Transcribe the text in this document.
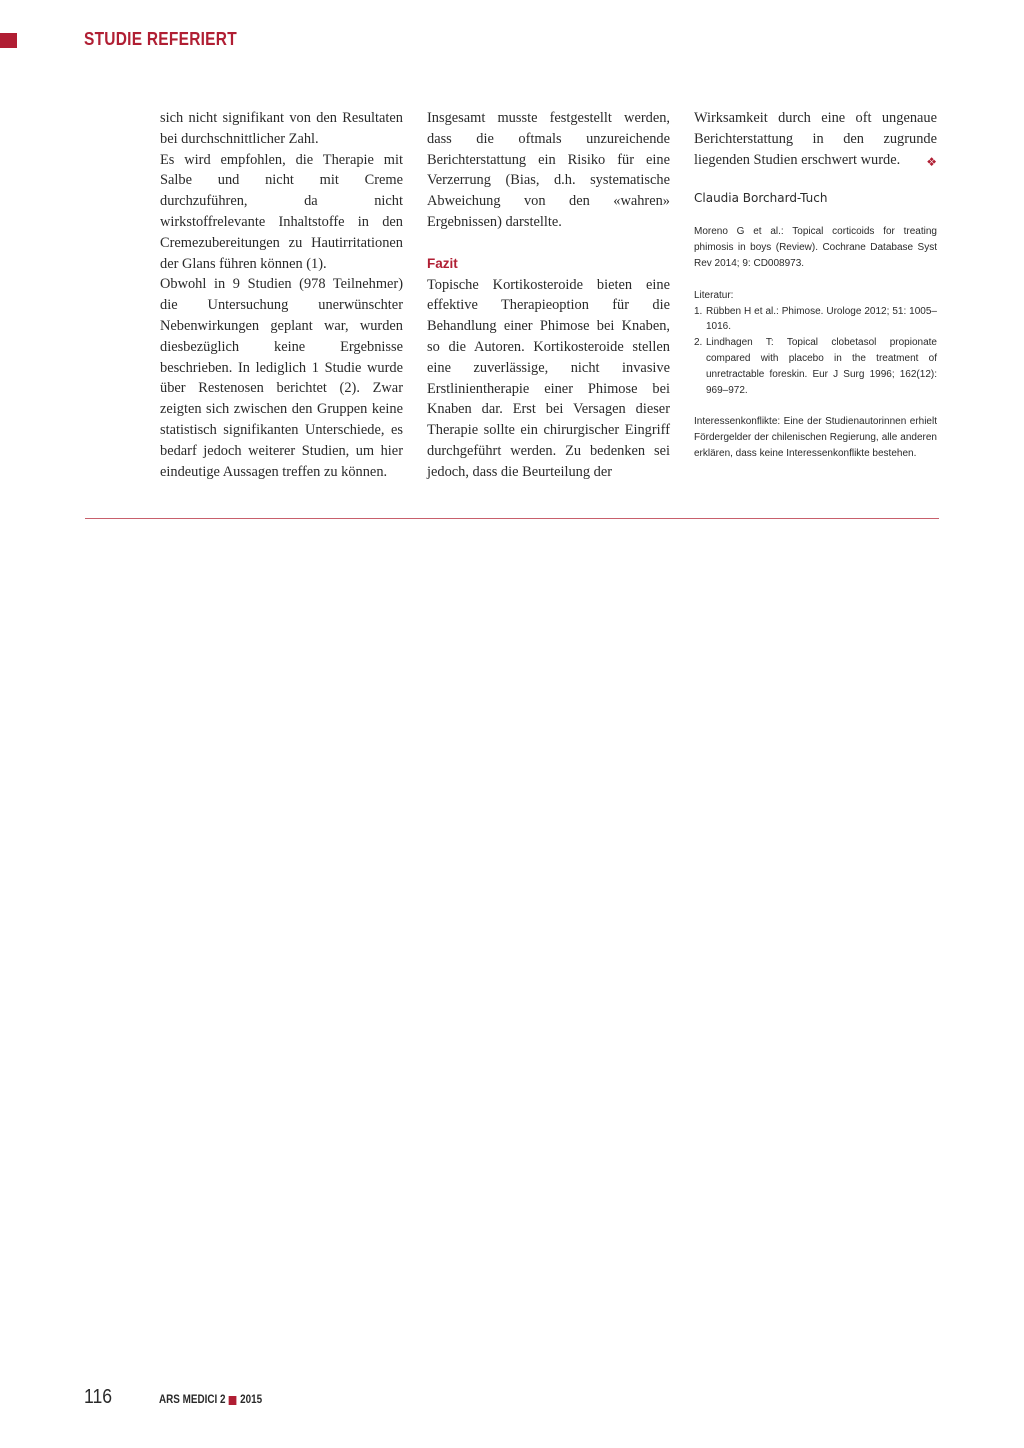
STUDIE REFERIERT

sich nicht signifikant von den Resultaten bei durchschnittlicher Zahl.

Es wird empfohlen, die Therapie mit Salbe und nicht mit Creme durchzuführen, da nicht wirkstoffrelevante Inhaltstoffe in den Cremezubereitungen zu Hautirritationen der Glans führen können (1).

Obwohl in 9 Studien (978 Teilnehmer) die Untersuchung unerwünschter Nebenwirkungen geplant war, wurden diesbezüglich keine Ergebnisse beschrieben. In lediglich 1 Studie wurde über Restenosen berichtet (2). Zwar zeigten sich zwischen den Gruppen keine statistisch signifikanten Unterschiede, es bedarf jedoch weiterer Studien, um hier eindeutige Aussagen treffen zu können.

Insgesamt musste festgestellt werden, dass die oftmals unzureichende Berichterstattung ein Risiko für eine Verzerrung (Bias, d.h. systematische Abweichung von den «wahren» Ergebnissen) darstellte.

Fazit

Topische Kortikosteroide bieten eine effektive Therapieoption für die Behandlung einer Phimose bei Knaben, so die Autoren. Kortikosteroide stellen eine zuverlässige, nicht invasive Erstlinientherapie einer Phimose bei Knaben dar. Erst bei Versagen dieser Therapie sollte ein chirurgischer Eingriff durchgeführt werden. Zu bedenken sei jedoch, dass die Beurteilung der

Wirksamkeit durch eine oft ungenaue Berichterstattung in den zugrunde liegenden Studien erschwert wurde. ❖

Claudia Borchard-Tuch
Moreno G et al.: Topical corticoids for treating phimosis in boys (Review). Cochrane Database Syst Rev 2014; 9: CD008973.
Literatur:
1. Rübben H et al.: Phimose. Urologe 2012; 51: 1005–1016.
2. Lindhagen T: Topical clobetasol propionate compared with placebo in the treatment of unretractable foreskin. Eur J Surg 1996; 162(12): 969–972.
Interessenkonflikte: Eine der Studienautorinnen erhielt Fördergelder der chilenischen Regierung, alle anderen erklären, dass keine Interessenkonflikte bestehen.
116	ARS MEDICI 2 2015
